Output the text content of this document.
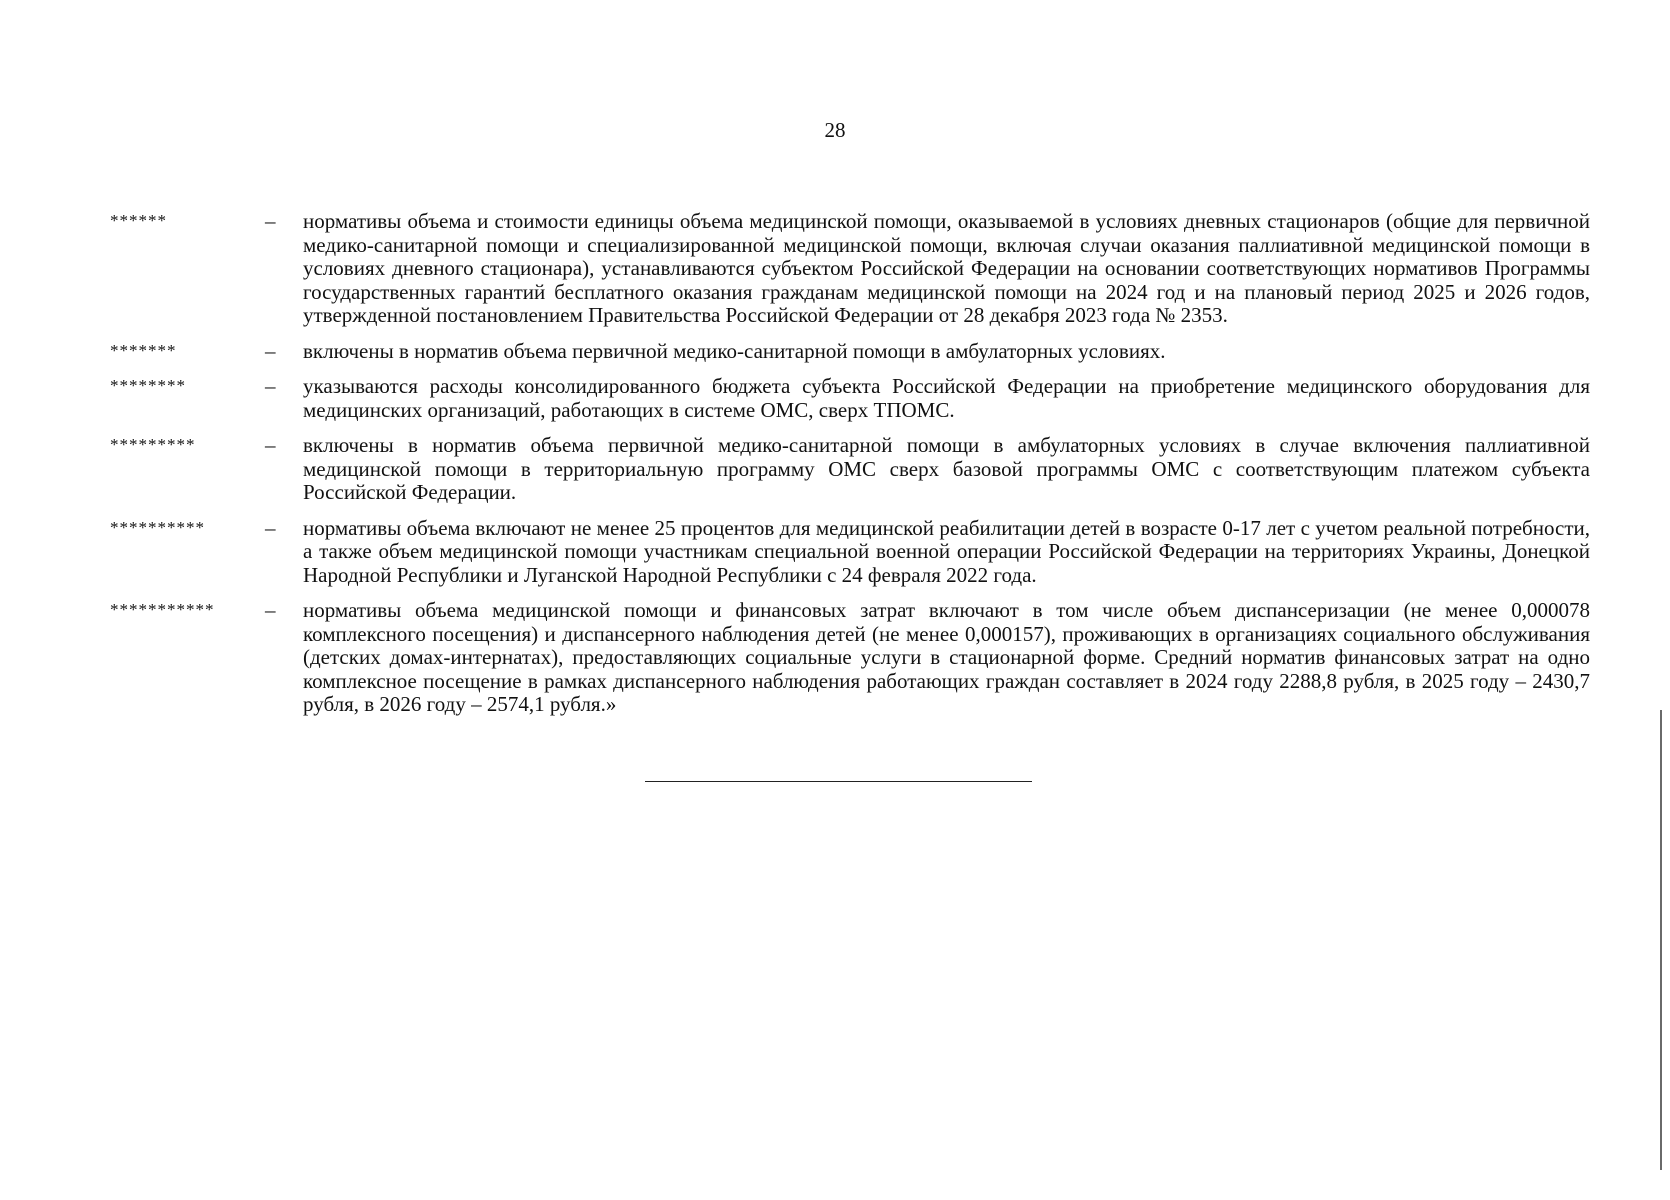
28
******	–	нормативы объема и стоимости единицы объема медицинской помощи, оказываемой в условиях дневных стационаров (общие для первичной медико-санитарной помощи и специализированной медицинской помощи, включая случаи оказания паллиативной медицинской помощи в условиях дневного стационара), устанавливаются субъектом Российской Федерации на основании соответствующих нормативов Программы государственных гарантий бесплатного оказания гражданам медицинской помощи на 2024 год и на плановый период 2025 и 2026 годов, утвержденной постановлением Правительства Российской Федерации от 28 декабря 2023 года № 2353.
*******	–	включены в норматив объема первичной медико-санитарной помощи в амбулаторных условиях.
********	–	указываются расходы консолидированного бюджета субъекта Российской Федерации на приобретение медицинского оборудования для медицинских организаций, работающих в системе ОМС, сверх ТПОМС.
*********	–	включены в норматив объема первичной медико-санитарной помощи в амбулаторных условиях в случае включения паллиативной медицинской помощи в территориальную программу ОМС сверх базовой программы ОМС с соответствующим платежом субъекта Российской Федерации.
**********	–	нормативы объема включают не менее 25 процентов для медицинской реабилитации детей в возрасте 0-17 лет с учетом реальной потребности, а также объем медицинской помощи участникам специальной военной операции Российской Федерации на территориях Украины, Донецкой Народной Республики и Луганской Народной Республики с 24 февраля 2022 года.
***********	–	нормативы объема медицинской помощи и финансовых затрат включают в том числе объем диспансеризации (не менее 0,000078 комплексного посещения) и диспансерного наблюдения детей (не менее 0,000157), проживающих в организациях социального обслуживания (детских домах-интернатах), предоставляющих социальные услуги в стационарной форме. Средний норматив финансовых затрат на одно комплексное посещение в рамках диспансерного наблюдения работающих граждан составляет в 2024 году 2288,8 рубля, в 2025 году – 2430,7 рубля, в 2026 году – 2574,1 рубля.»
